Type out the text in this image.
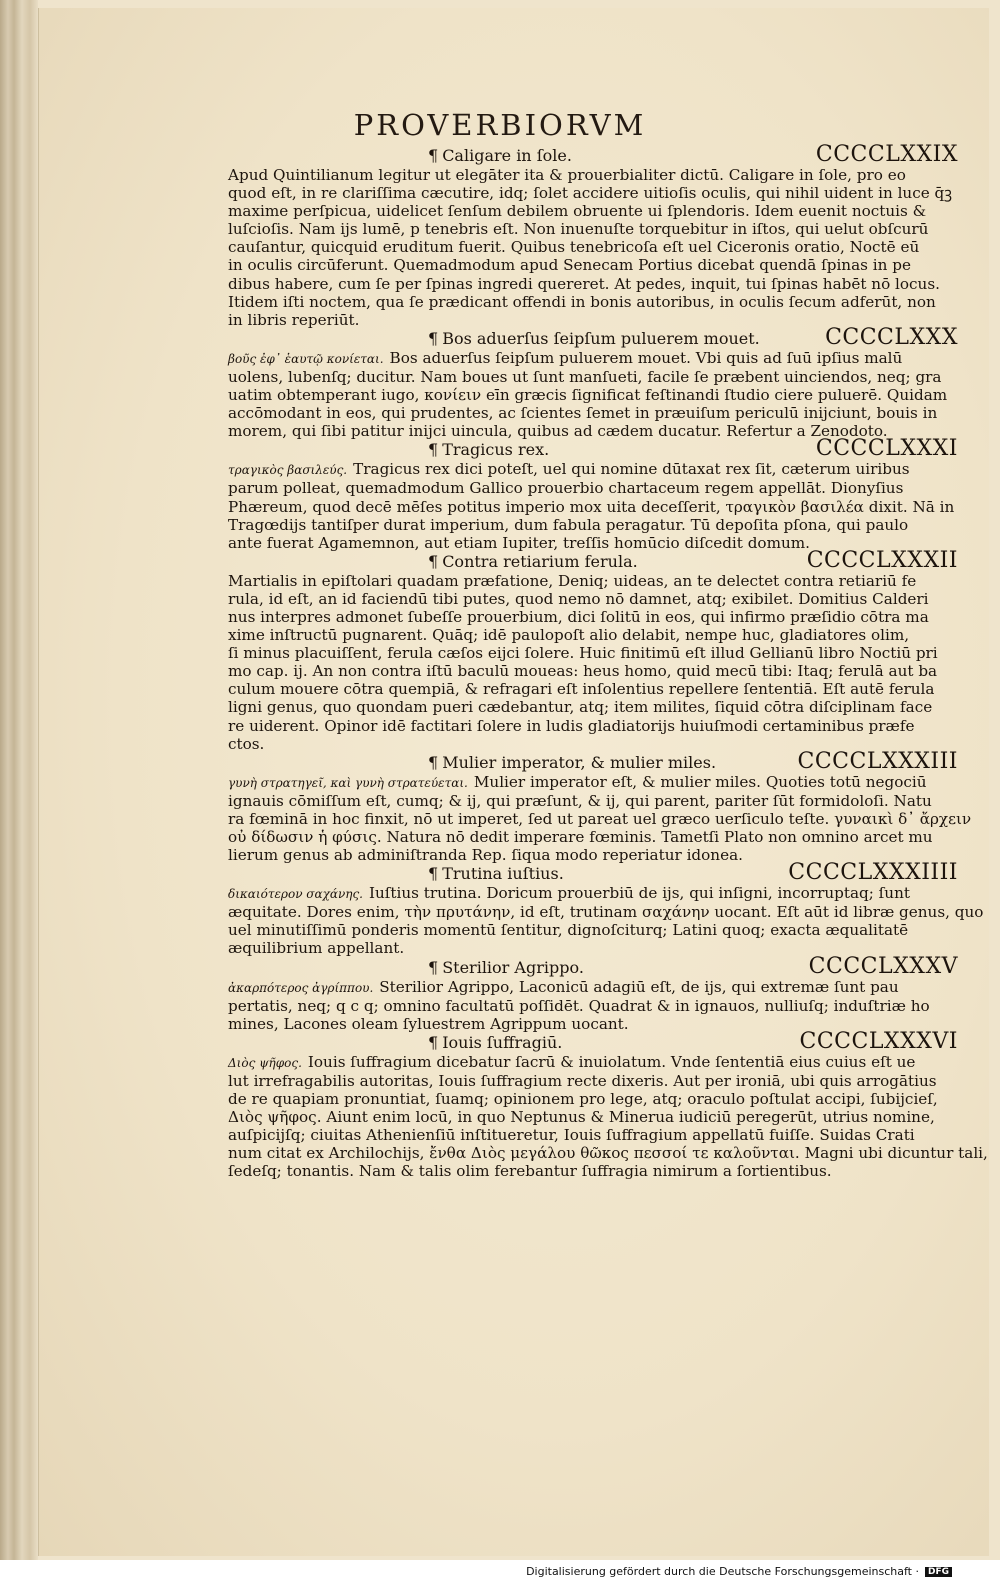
PROVERBIORVM
¶ Caligare in ſole.	CCCCLXXIX

Apud Quintilianum legitur ut elegāter ita & prouerbialiter dictū. Caligare in ſole, pro eo

quod eſt, in re clariſſima cæcutire, idq; ſolet accidere uitioſis oculis, qui nihil uident in luce q̄ꝫ

maxime perſpicua, uidelicet ſenſum debilem obruente ui ſplendoris. Idem euenit noctuis &

luſcioſis. Nam ijs lumē, p tenebris eſt. Non inuenuſte torquebitur in iſtos, qui uelut obſcurū

cauſantur, quicquid eruditum fuerit. Quibus tenebricoſa eſt uel Ciceronis oratio, Noctē eū

in oculis circūferunt. Quemadmodum apud Senecam Portius dicebat quendā ſpinas in pe

dibus habere, cum ſe per ſpinas ingredi quereret. At pedes, inquit, tui ſpinas habēt nō locus.

Itidem iſti noctem, qua ſe prædicant offendi in bonis autoribus, in oculis ſecum adferūt, non

in libris reperiūt.

¶ Bos aduerſus ſeipſum puluerem mouet.	CCCCLXXX

βοῦς ἐφ᾽ ἑαυτῷ κονίεται. Bos aduerſus ſeipſum puluerem mouet. Vbi quis ad ſuū ipſius malū

uolens, lubenſq; ducitur. Nam boues ut ſunt manſueti, facile ſe præbent uinciendos, neq; gra

uatim obtemperant iugo, κονίειν eīn græcis ſignificat feſtinandi ſtudio ciere puluerē. Quidam

accōmodant in eos, qui prudentes, ac ſcientes ſemet in præuiſum periculū inijciunt, bouis in

morem, qui ſibi patitur inijci uincula, quibus ad cædem ducatur. Refertur a Zenodoto.

¶ Tragicus rex.	CCCCLXXXI

τραγικὸς βασιλεύς. Tragicus rex dici poteſt, uel qui nomine dūtaxat rex ſit, cæterum uiribus

parum polleat, quemadmodum Gallico prouerbio chartaceum regem appellāt. Dionyſius

Phæreum, quod decē mēſes potitus imperio mox uita deceſſerit, τραγικὸν βασιλέα dixit. Nā in

Tragœdijs tantiſper durat imperium, dum fabula peragatur. Tū depoſita pſona, qui paulo

ante fuerat Agamemnon, aut etiam Iupiter, treſſis homūcio diſcedit domum.

¶ Contra retiarium ferula.	CCCCLXXXII

Martialis in epiſtolari quadam præfatione, Deniq; uideas, an te delectet contra retiariū fe

rula, id eſt, an id faciendū tibi putes, quod nemo nō damnet, atq; exibilet. Domitius Calderi

nus interpres admonet ſubeſſe prouerbium, dici ſolitū in eos, qui infirmo præſidio cōtra ma

xime inſtructū pugnarent. Quāq; idē paulopoſt alio delabit, nempe huc, gladiatores olim,

ſi minus placuiſſent, ferula cæſos eijci ſolere. Huic finitimū eſt illud Gellianū libro Noctiū pri

mo cap. ij. An non contra iſtū baculū moueas: heus homo, quid mecū tibi: Itaq; ferulā aut ba

culum mouere cōtra quempiā, & refragari eſt inſolentius repellere ſententiā. Eſt autē ferula

ligni genus, quo quondam pueri cædebantur, atq; item milites, ſiquid cōtra diſciplinam face

re uiderent. Opinor idē factitari ſolere in ludis gladiatorijs huiuſmodi certaminibus præfe

ctos.

¶ Mulier imperator, & mulier miles.	CCCCLXXXIII

γυνὴ στρατηγεῖ, καὶ γυνὴ στρατεύεται. Mulier imperator eſt, & mulier miles. Quoties totū negociū

ignauis cōmiſſum eſt, cumq; & ij, qui præſunt, & ij, qui parent, pariter ſūt formidoloſi. Natu

ra fœminā in hoc finxit, nō ut imperet, ſed ut pareat uel græco uerſiculo teſte. γυναικὶ δ᾽ ἄρχειν

οὐ δίδωσιν ἡ φύσις. Natura nō dedit imperare fœminis. Tametſi Plato non omnino arcet mu

lierum genus ab adminiſtranda Rep. ſiqua modo reperiatur idonea.

¶ Trutina iuſtius.	CCCCLXXXIIII

δικαιότερον σαχάνης. Iuſtius trutina. Doricum prouerbiū de ijs, qui inſigni, incorruptaq; ſunt

æquitate. Dores enim, τὴν πρυτάνην, id eſt, trutinam σαχάνην uocant. Eſt aūt id libræ genus, quo

uel minutiſſimū ponderis momentū ſentitur, dignoſciturq; Latini quoq; exacta æqualitatē

æquilibrium appellant.

¶ Sterilior Agrippo.	CCCCLXXXV

ἀκαρπότερος ἀγρίππου. Sterilior Agrippo, Laconicū adagiū eſt, de ijs, qui extremæ ſunt pau

pertatis, neq; q c q; omnino facultatū poſſidēt. Quadrat & in ignauos, nulliuſq; induſtriæ ho

mines, Lacones oleam ſyluestrem Agrippum uocant.

¶ Iouis ſuffragiū.	CCCCLXXXVI

Διὸς ψῆφος. Iouis ſuffragium dicebatur ſacrū & inuiolatum. Vnde ſententiā eius cuius eſt ue

lut irrefragabilis autoritas, Iouis ſuffragium recte dixeris. Aut per ironiā, ubi quis arrogātius

de re quapiam pronuntiat, ſuamq; opinionem pro lege, atq; oraculo poſtulat accipi, ſubijcieſ,

Διὸς ψῆφος. Aiunt enim locū, in quo Neptunus & Minerua iudiciū peregerūt, utrius nomine,

auſpicijſq; ciuitas Athenienſiū inſtitueretur, Iouis ſuffragium appellatū fuiſſe. Suidas Crati

num citat ex Archilochijs, ἔνθα Διὸς μεγάλου θῶκος πεσσοί τε καλοῦνται. Magni ubi dicuntur tali,

ſedeſq; tonantis. Nam & talis olim ferebantur ſuffragia nimirum a ſortientibus.

Digitalisierung gefördert durch die Deutsche Forschungsgemeinschaft ·	DFG
